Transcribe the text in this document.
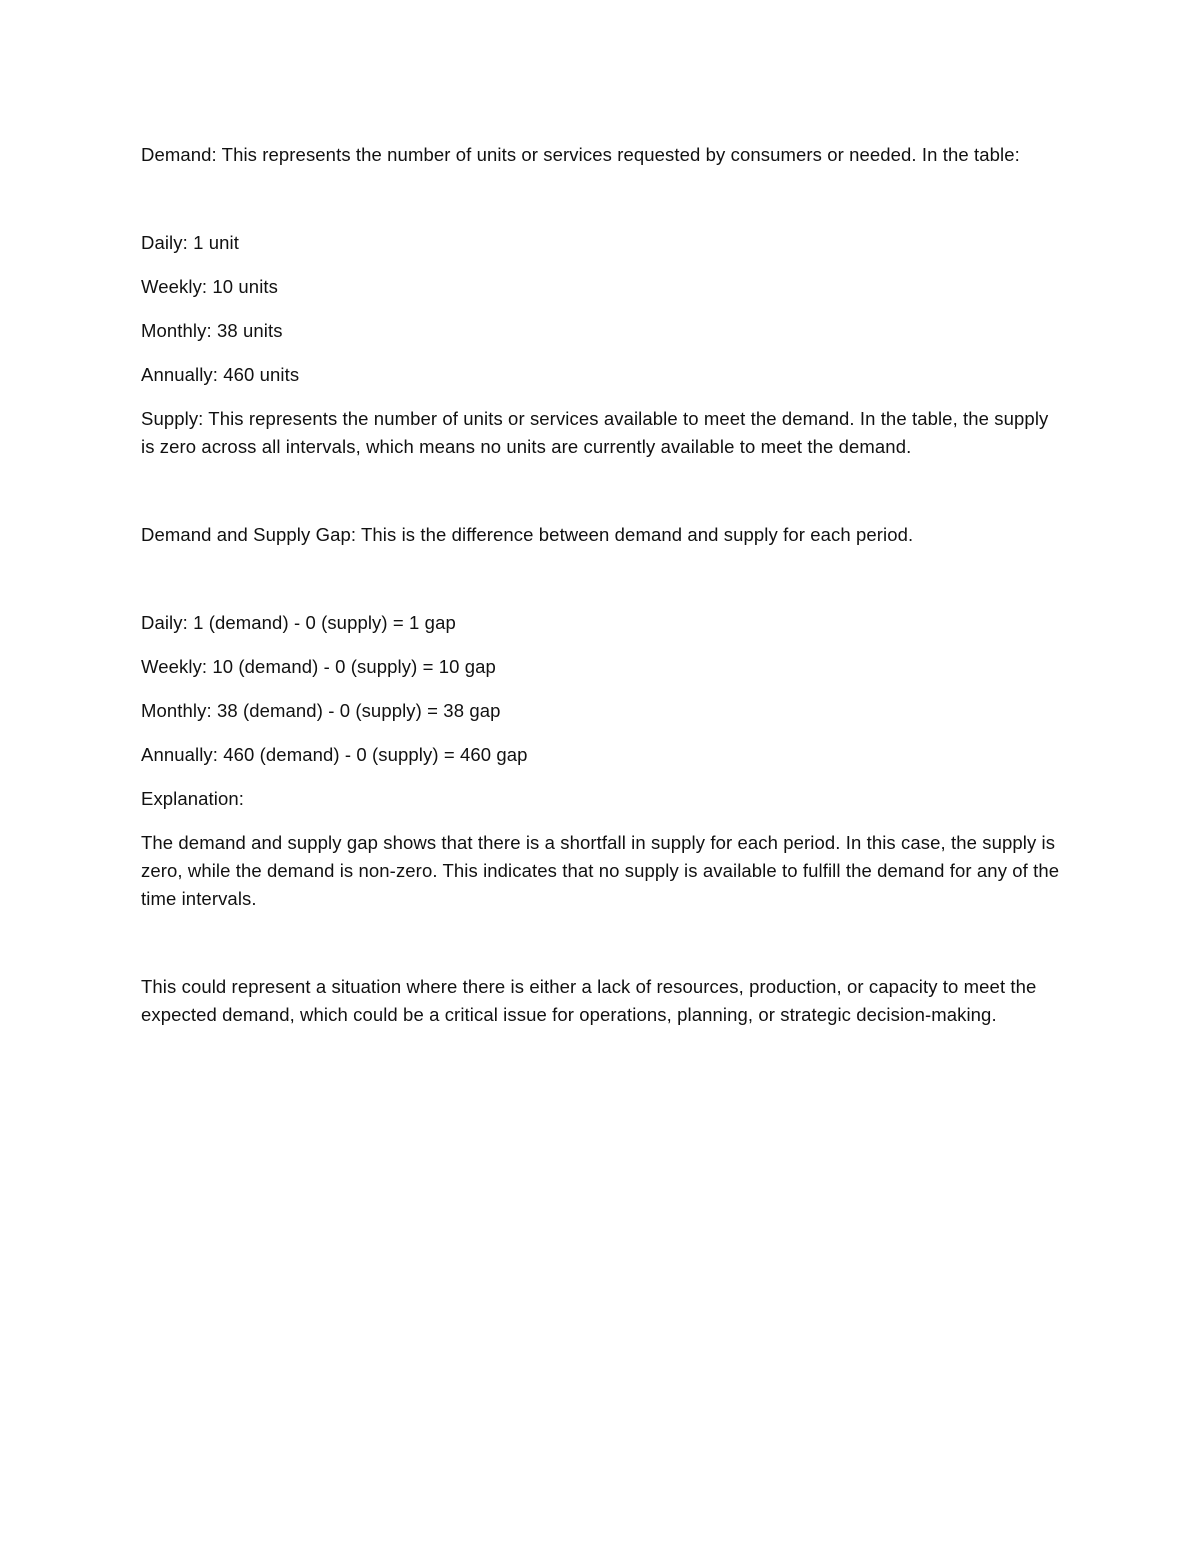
Demand: This represents the number of units or services requested by consumers or needed. In the table:

Daily: 1 unit

Weekly: 10 units

Monthly: 38 units

Annually: 460 units

Supply: This represents the number of units or services available to meet the demand. In the table, the supply is zero across all intervals, which means no units are currently available to meet the demand.

Demand and Supply Gap: This is the difference between demand and supply for each period.

Daily: 1 (demand) - 0 (supply) = 1 gap

Weekly: 10 (demand) - 0 (supply) = 10 gap

Monthly: 38 (demand) - 0 (supply) = 38 gap

Annually: 460 (demand) - 0 (supply) = 460 gap

Explanation:

The demand and supply gap shows that there is a shortfall in supply for each period. In this case, the supply is zero, while the demand is non-zero. This indicates that no supply is available to fulfill the demand for any of the time intervals.

This could represent a situation where there is either a lack of resources, production, or capacity to meet the expected demand, which could be a critical issue for operations, planning, or strategic decision-making.
